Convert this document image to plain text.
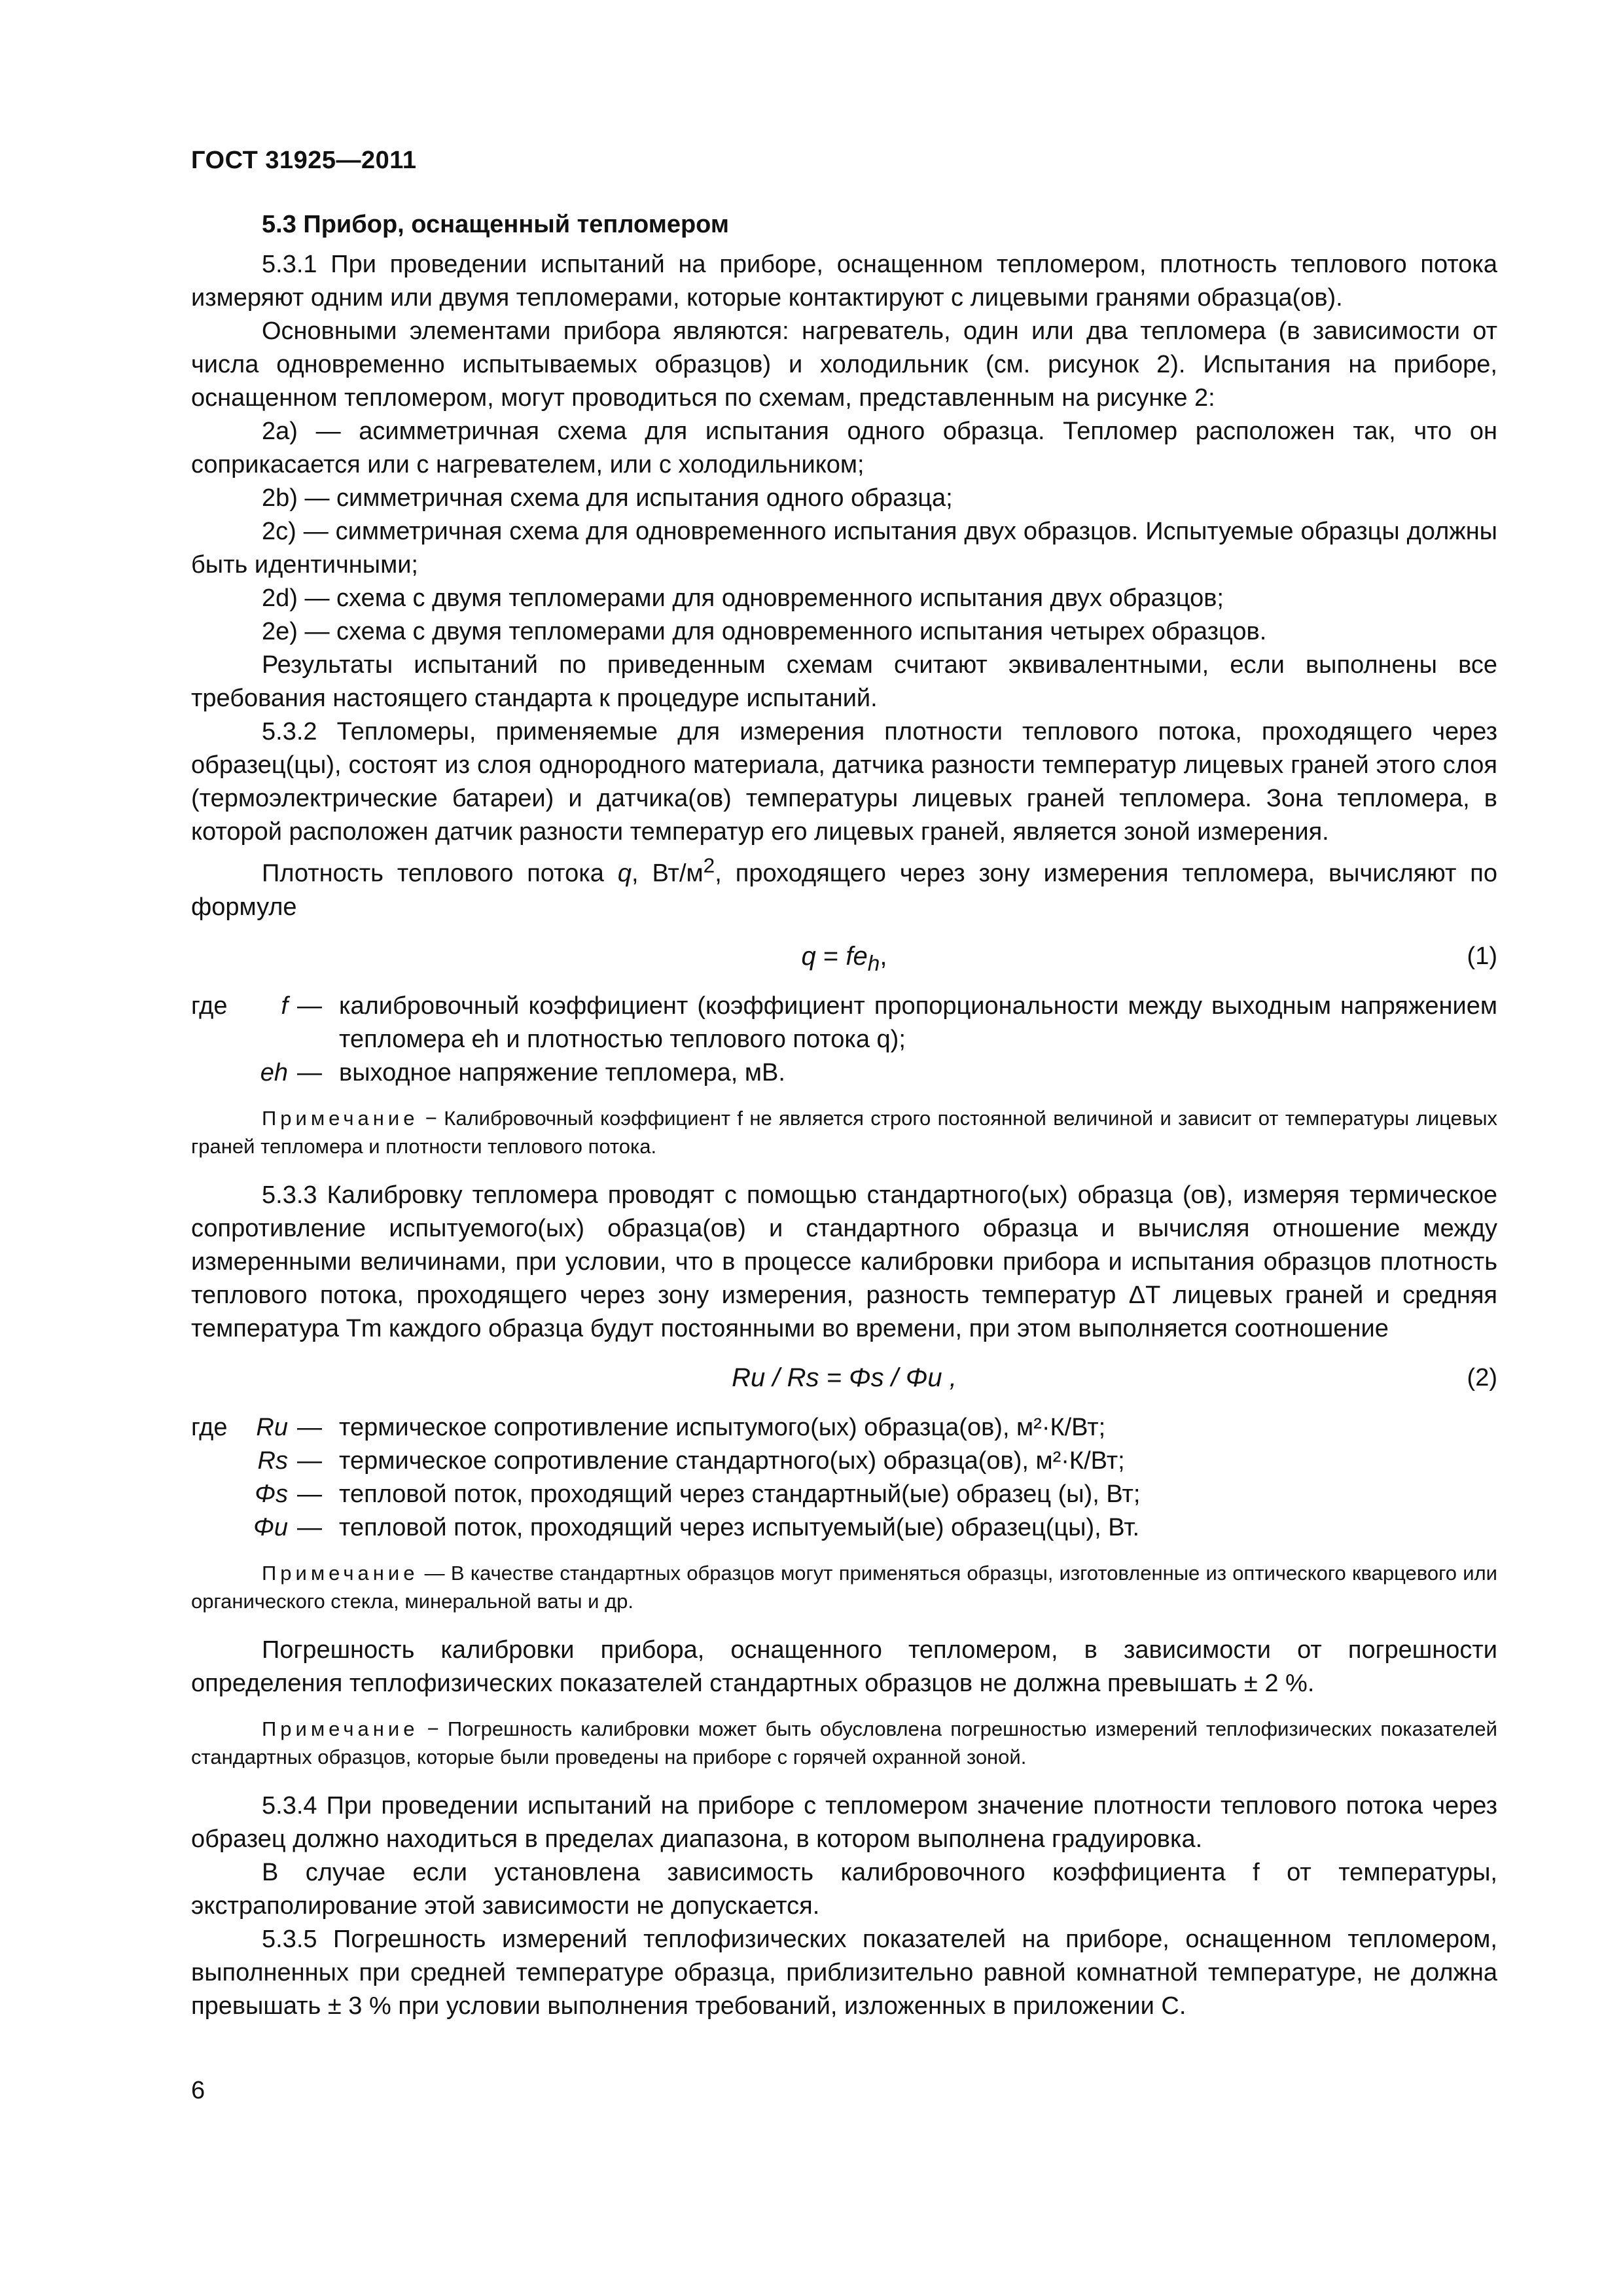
ГОСТ 31925—2011
5.3 Прибор, оснащенный тепломером

5.3.1 При проведении испытаний на приборе, оснащенном тепломером, плотность теплового потока измеряют одним или двумя тепломерами, которые контактируют с лицевыми гранями образца(ов).

Основными элементами прибора являются: нагреватель, один или два тепломера (в зависимости от числа одновременно испытываемых образцов) и холодильник (см. рисунок 2). Испытания на приборе, оснащенном тепломером, могут проводиться по схемам, представленным на рисунке 2:

2a) — асимметричная схема для испытания одного образца. Тепломер расположен так, что он соприкасается или с нагревателем, или с холодильником;

2b) — симметричная схема для испытания одного образца;

2c) — симметричная схема для одновременного испытания двух образцов. Испытуемые образцы должны быть идентичными;

2d) — схема с двумя тепломерами для одновременного испытания двух образцов;

2e) — схема с двумя тепломерами для одновременного испытания четырех образцов.

Результаты испытаний по приведенным схемам считают эквивалентными, если выполнены все требования настоящего стандарта к процедуре испытаний.

5.3.2 Тепломеры, применяемые для измерения плотности теплового потока, проходящего через образец(цы), состоят из слоя однородного материала, датчика разности температур лицевых граней этого слоя (термоэлектрические батареи) и датчика(ов) температуры лицевых граней тепломера. Зона тепломера, в которой расположен датчик разности температур его лицевых граней, является зоной измерения.

Плотность теплового потока q, $Вт/м^2$, проходящего через зону измерения тепломера, вычисляют по формуле

$q = fe_h$,	(1)
где	f	—	калибровочный коэффициент (коэффициент пропорциональности между выходным напряжением тепломера eh и плотностью теплового потока q);
	eh	—	выходное напряжение тепломера, мВ.
Примечание − Калибровочный коэффициент f не является строго постоянной величиной и зависит от температуры лицевых граней тепломера и плотности теплового потока.

5.3.3 Калибровку тепломера проводят с помощью стандартного(ых) образца (ов), измеряя термическое сопротивление испытуемого(ых) образца(ов) и стандартного образца и вычисляя отношение между измеренными величинами, при условии, что в процессе калибровки прибора и испытания образцов плотность теплового потока, проходящего через зону измерения, разность температур ΔT лицевых граней и средняя температура Tm каждого образца будут постоянными во времени, при этом выполняется соотношение

Ru / Rs = Φs / Φu ,	(2)
где	Ru	—	термическое сопротивление испытумого(ых) образца(ов), м²·К/Вт;
	Rs	—	термическое сопротивление стандартного(ых) образца(ов), м²·К/Вт;
	Φs	—	тепловой поток, проходящий через стандартный(ые) образец (ы), Вт;
	Φu	—	тепловой поток, проходящий через испытуемый(ые) образец(цы), Вт.
Примечание — В качестве стандартных образцов могут применяться образцы, изготовленные из оптического кварцевого или органического стекла, минеральной ваты и др.

Погрешность калибровки прибора, оснащенного тепломером, в зависимости от погрешности определения теплофизических показателей стандартных образцов не должна превышать ± 2 %.

Примечание − Погрешность калибровки может быть обусловлена погрешностью измерений теплофизических показателей стандартных образцов, которые были проведены на приборе с горячей охранной зоной.

5.3.4 При проведении испытаний на приборе с тепломером значение плотности теплового потока через образец должно находиться в пределах диапазона, в котором выполнена градуировка.

В случае если установлена зависимость калибровочного коэффициента f от температуры, экстраполирование этой зависимости не допускается.

5.3.5 Погрешность измерений теплофизических показателей на приборе, оснащенном тепломером, выполненных при средней температуре образца, приблизительно равной комнатной температуре, не должна превышать ± 3 % при условии выполнения требований, изложенных в приложении С.

6
